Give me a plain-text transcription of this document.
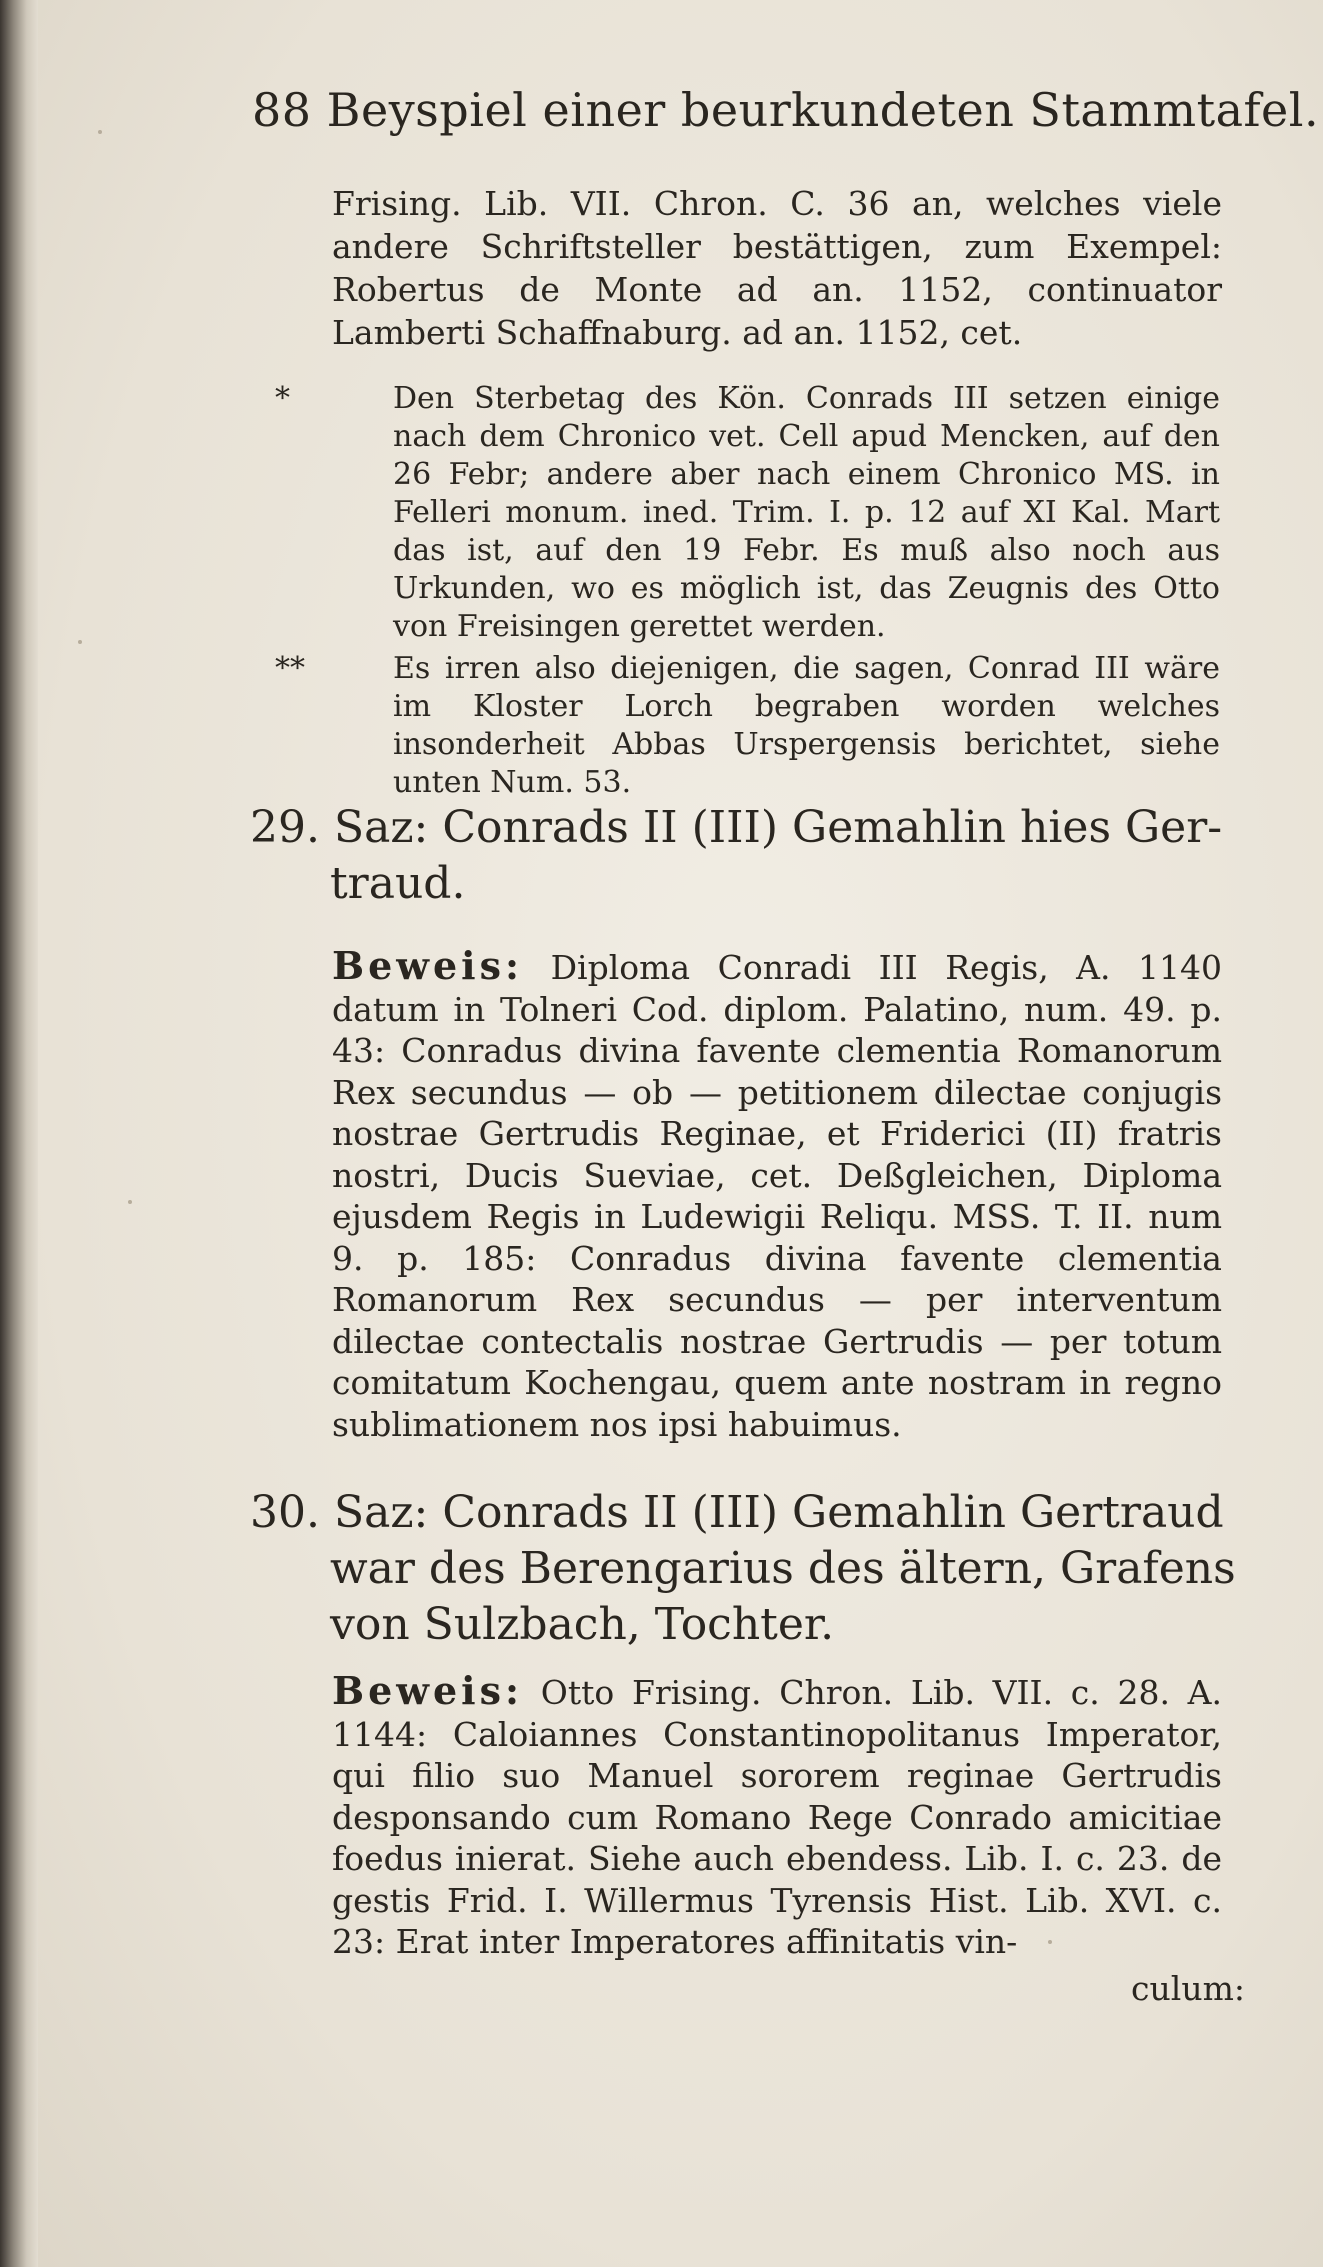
88 Beyspiel einer beurkundeten Stammtafel.

Frising. Lib. VII. Chron. C. 36 an, welches viele andere Schriftsteller bestättigen, zum Exempel: Robertus de Monte ad an. 1152, continuator Lamberti Schaffnaburg. ad an. 1152, cet.

*	Den Sterbetag des Kön. Conrads III setzen einige nach dem Chronico vet. Cell apud Mencken, auf den 26 Febr; andere aber nach einem Chronico MS. in Felleri monum. ined. Trim. I. p. 12 auf XI Kal. Mart das ist, auf den 19 Febr. Es muß also noch aus Urkunden, wo es möglich ist, das Zeugnis des Otto von Freisingen gerettet werden.
**	Es irren also diejenigen, die sagen, Conrad III wäre im Kloster Lorch begraben worden welches insonderheit Abbas Urspergensis berichtet, siehe unten Num. 53.
29. Saz: Conrads II (III) Gemahlin hies Ger-
traud.

Beweis: Diploma Conradi III Regis, A. 1140 datum in Tolneri Cod. diplom. Palatino, num. 49. p. 43: Conradus divina favente clementia Romanorum Rex secundus — ob — petitionem dilectae conjugis nostrae Gertrudis Reginae, et Friderici (II) fratris nostri, Ducis Sueviae, cet. Deßgleichen, Diploma ejusdem Regis in Ludewigii Reliqu. MSS. T. II. num 9. p. 185: Conradus divina favente clementia Romanorum Rex secundus — per interventum dilectae contectalis nostrae Gertrudis — per totum comitatum Kochengau, quem ante nostram in regno sublimationem nos ipsi habuimus.

30. Saz: Conrads II (III) Gemahlin Gertraud
war des Berengarius des ältern, Grafens von Sulzbach, Tochter.

Beweis: Otto Frising. Chron. Lib. VII. c. 28. A. 1144: Caloiannes Constantinopolitanus Imperator, qui filio suo Manuel sororem reginae Gertrudis desponsando cum Romano Rege Conrado amicitiae foedus inierat. Siehe auch ebendess. Lib. I. c. 23. de gestis Frid. I. Willermus Tyrensis Hist. Lib. XVI. c. 23: Erat inter Imperatores affinitatis vin-

culum:
